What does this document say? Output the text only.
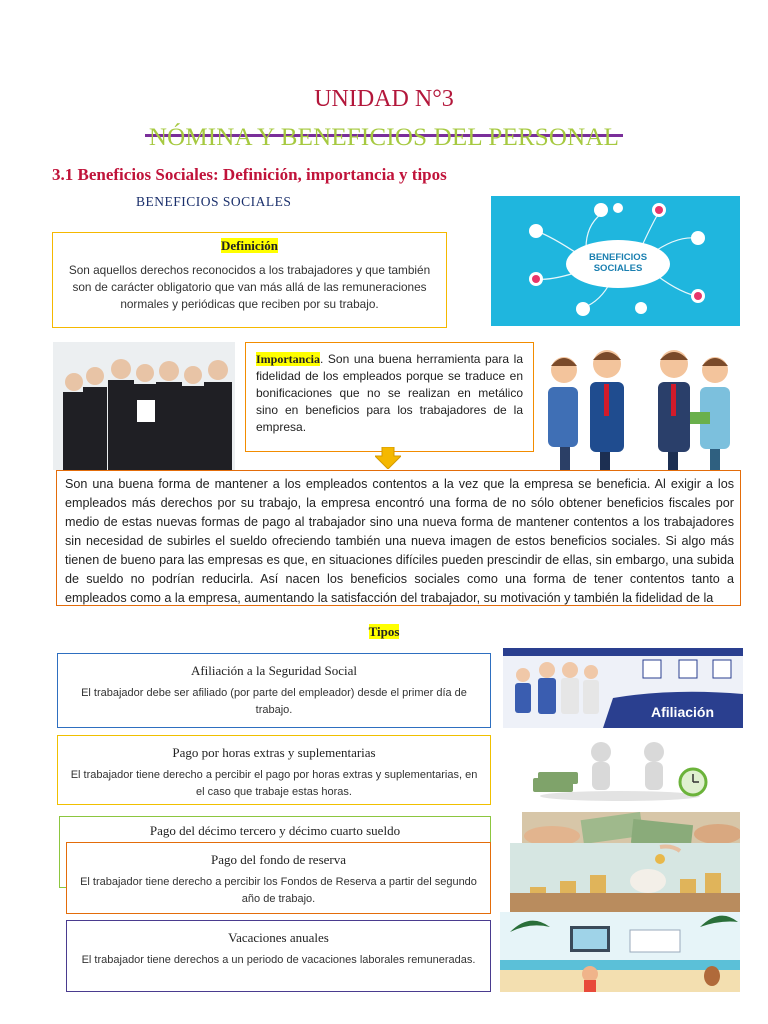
UNIDAD N°3
NÓMINA Y BENEFICIOS DEL PERSONAL
3.1 Beneficios Sociales: Definición, importancia y tipos
BENEFICIOS SOCIALES
Definición
Son aquellos derechos reconocidos a los trabajadores y que también son de carácter obligatorio que van más allá de las remuneraciones normales y periódicas que reciben por su trabajo.
BENEFICIOS
SOCIALES
Importancia. Son una buena herramienta para la fidelidad de los empleados porque se traduce en bonificaciones que no se realizan en metálico sino en beneficios para los trabajadores de la empresa.
Son una buena forma de mantener a los empleados contentos a la vez que la empresa se beneficia. Al exigir a los empleados más derechos por su trabajo, la empresa encontró una forma de no sólo obtener beneficios fiscales por medio de estas nuevas formas de pago al trabajador sino una nueva forma de mantener contentos a los trabajadores sin necesidad de subirles el sueldo ofreciendo también una nueva imagen de estos beneficios sociales. Si algo más tienen de bueno para las empresas es que, en situaciones difíciles pueden prescindir de ellas, sin embargo, una subida de sueldo no podrían reducirla. Así nacen los beneficios sociales como una forma de tener contentos tanto a empleados como a la empresa, aumentando la satisfacción del trabajador, su motivación y también la fidelidad de la
Tipos
Afiliación a la Seguridad Social
El trabajador debe ser afiliado (por parte del empleador) desde el primer día de trabajo.
Pago por horas extras y suplementarias
El trabajador tiene derecho a percibir el pago por horas extras y suplementarias, en el caso que trabaje estas horas.
Pago del décimo tercero y décimo cuarto sueldo
Pago del fondo de reserva
El trabajador tiene derecho a percibir los Fondos de Reserva a partir del segundo año de trabajo.
Vacaciones anuales
El trabajador tiene derechos a un periodo de vacaciones laborales remuneradas.
Afiliación
